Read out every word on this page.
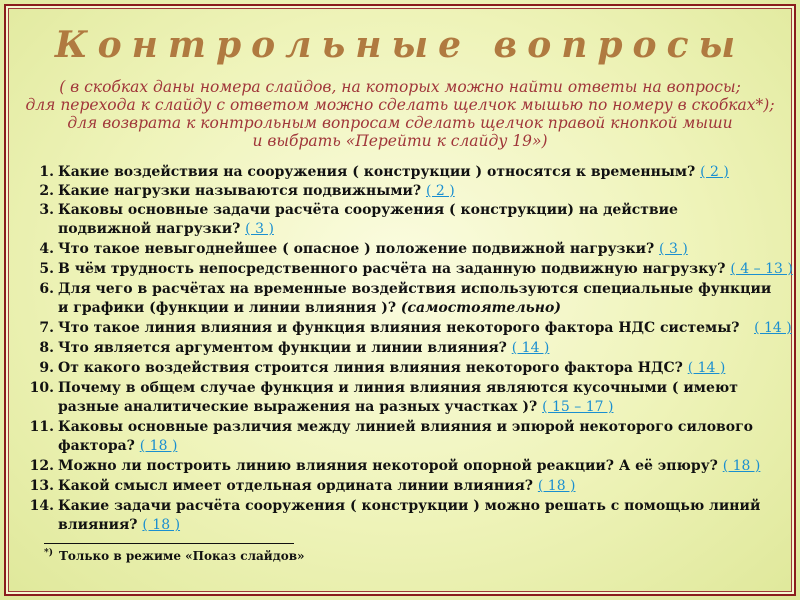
Контрольные вопросы
( в скобках даны номера слайдов, на которых можно найти ответы на вопросы;
для перехода к слайду с ответом можно сделать щелчок мышью по номеру в скобках*);
для возврата к контрольным вопросам сделать щелчок правой кнопкой мыши
и выбрать «Перейти к слайду 19»)
1. Какие воздействия на сооружения ( конструкции ) относятся к временным? ( 2 )
2. Какие нагрузки называются подвижными? ( 2 )
3. Каковы основные задачи расчёта сооружения ( конструкции) на действие
подвижной нагрузки? ( 3 )
4. Что такое невыгоднейшее ( опасное ) положение подвижной нагрузки? ( 3 )
5. В чём трудность непосредственного расчёта на заданную подвижную нагрузку? ( 4 – 13 )
6. Для чего в расчётах на временные воздействия используются специальные функции
и графики (функции и линии влияния )? (самостоятельно)
7. Что такое линия влияния и функция влияния некоторого фактора НДС системы? ( 14 )
8. Что является аргументом функции и линии влияния? ( 14 )
9. От какого воздействия строится линия влияния некоторого фактора НДС? ( 14 )
10. Почему в общем случае функция и линия влияния являются кусочными ( имеют
разные аналитические выражения на разных участках )? ( 15 – 17 )
11. Каковы основные различия между линией влияния и эпюрой некоторого силового
фактора? ( 18 )
12. Можно ли построить линию влияния некоторой опорной реакции? А её эпюру? ( 18 )
13. Какой смысл имеет отдельная ордината линии влияния? ( 18 )
14. Какие задачи расчёта сооружения ( конструкции ) можно решать с помощью линий
влияния? ( 18 )
*) Только в режиме «Показ слайдов»
